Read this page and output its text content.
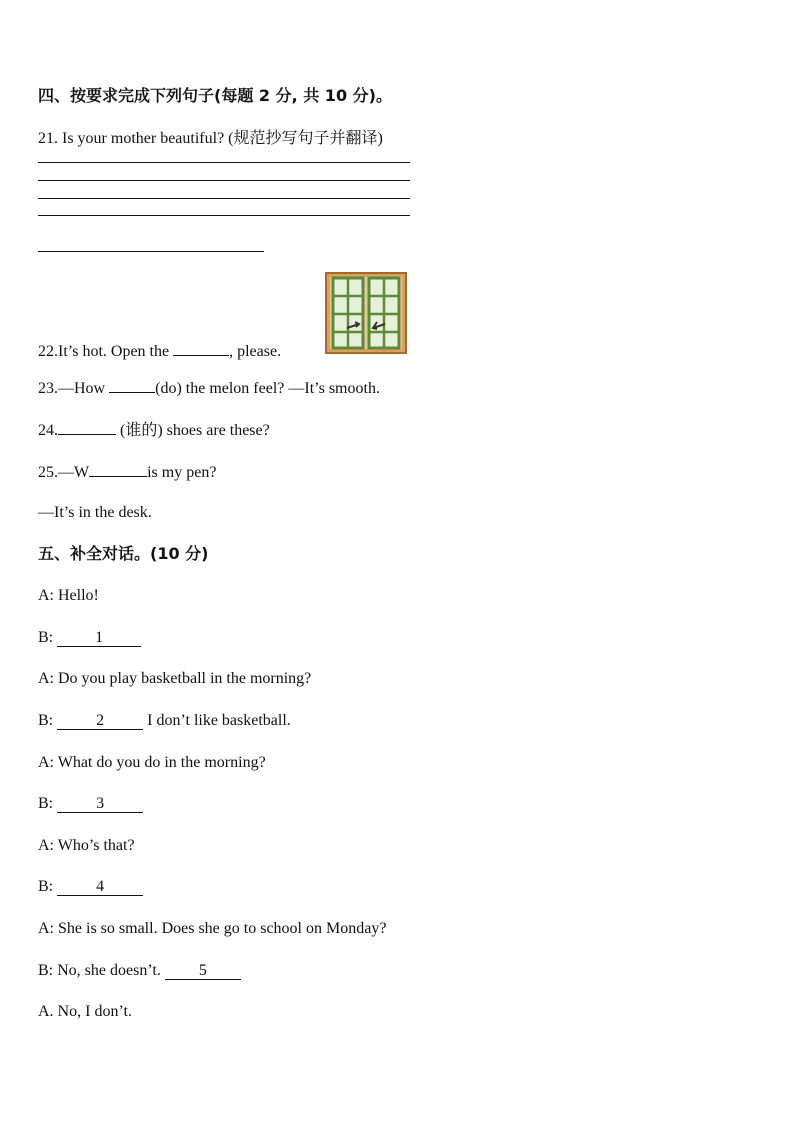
四、按要求完成下列句子(每题 2 分, 共 10 分)。
21. Is your mother beautiful? (规范抄写句子并翻译)
22.It’s hot. Open the	, please.
23.—How	(do) the melon feel? —It’s smooth.
24.	(谁的) shoes are these?
25.—W	is my pen?
—It’s in the desk.
五、补全对话。(10 分)
A: Hello!
B: 1
A: Do you play basketball in the morning?
B: 2 I don’t like basketball.
A: What do you do in the morning?
B: 3
A: Who’s that?
B: 4
A: She is so small. Does she go to school on Monday?
B: No, she doesn’t. 5
A. No, I don’t.
